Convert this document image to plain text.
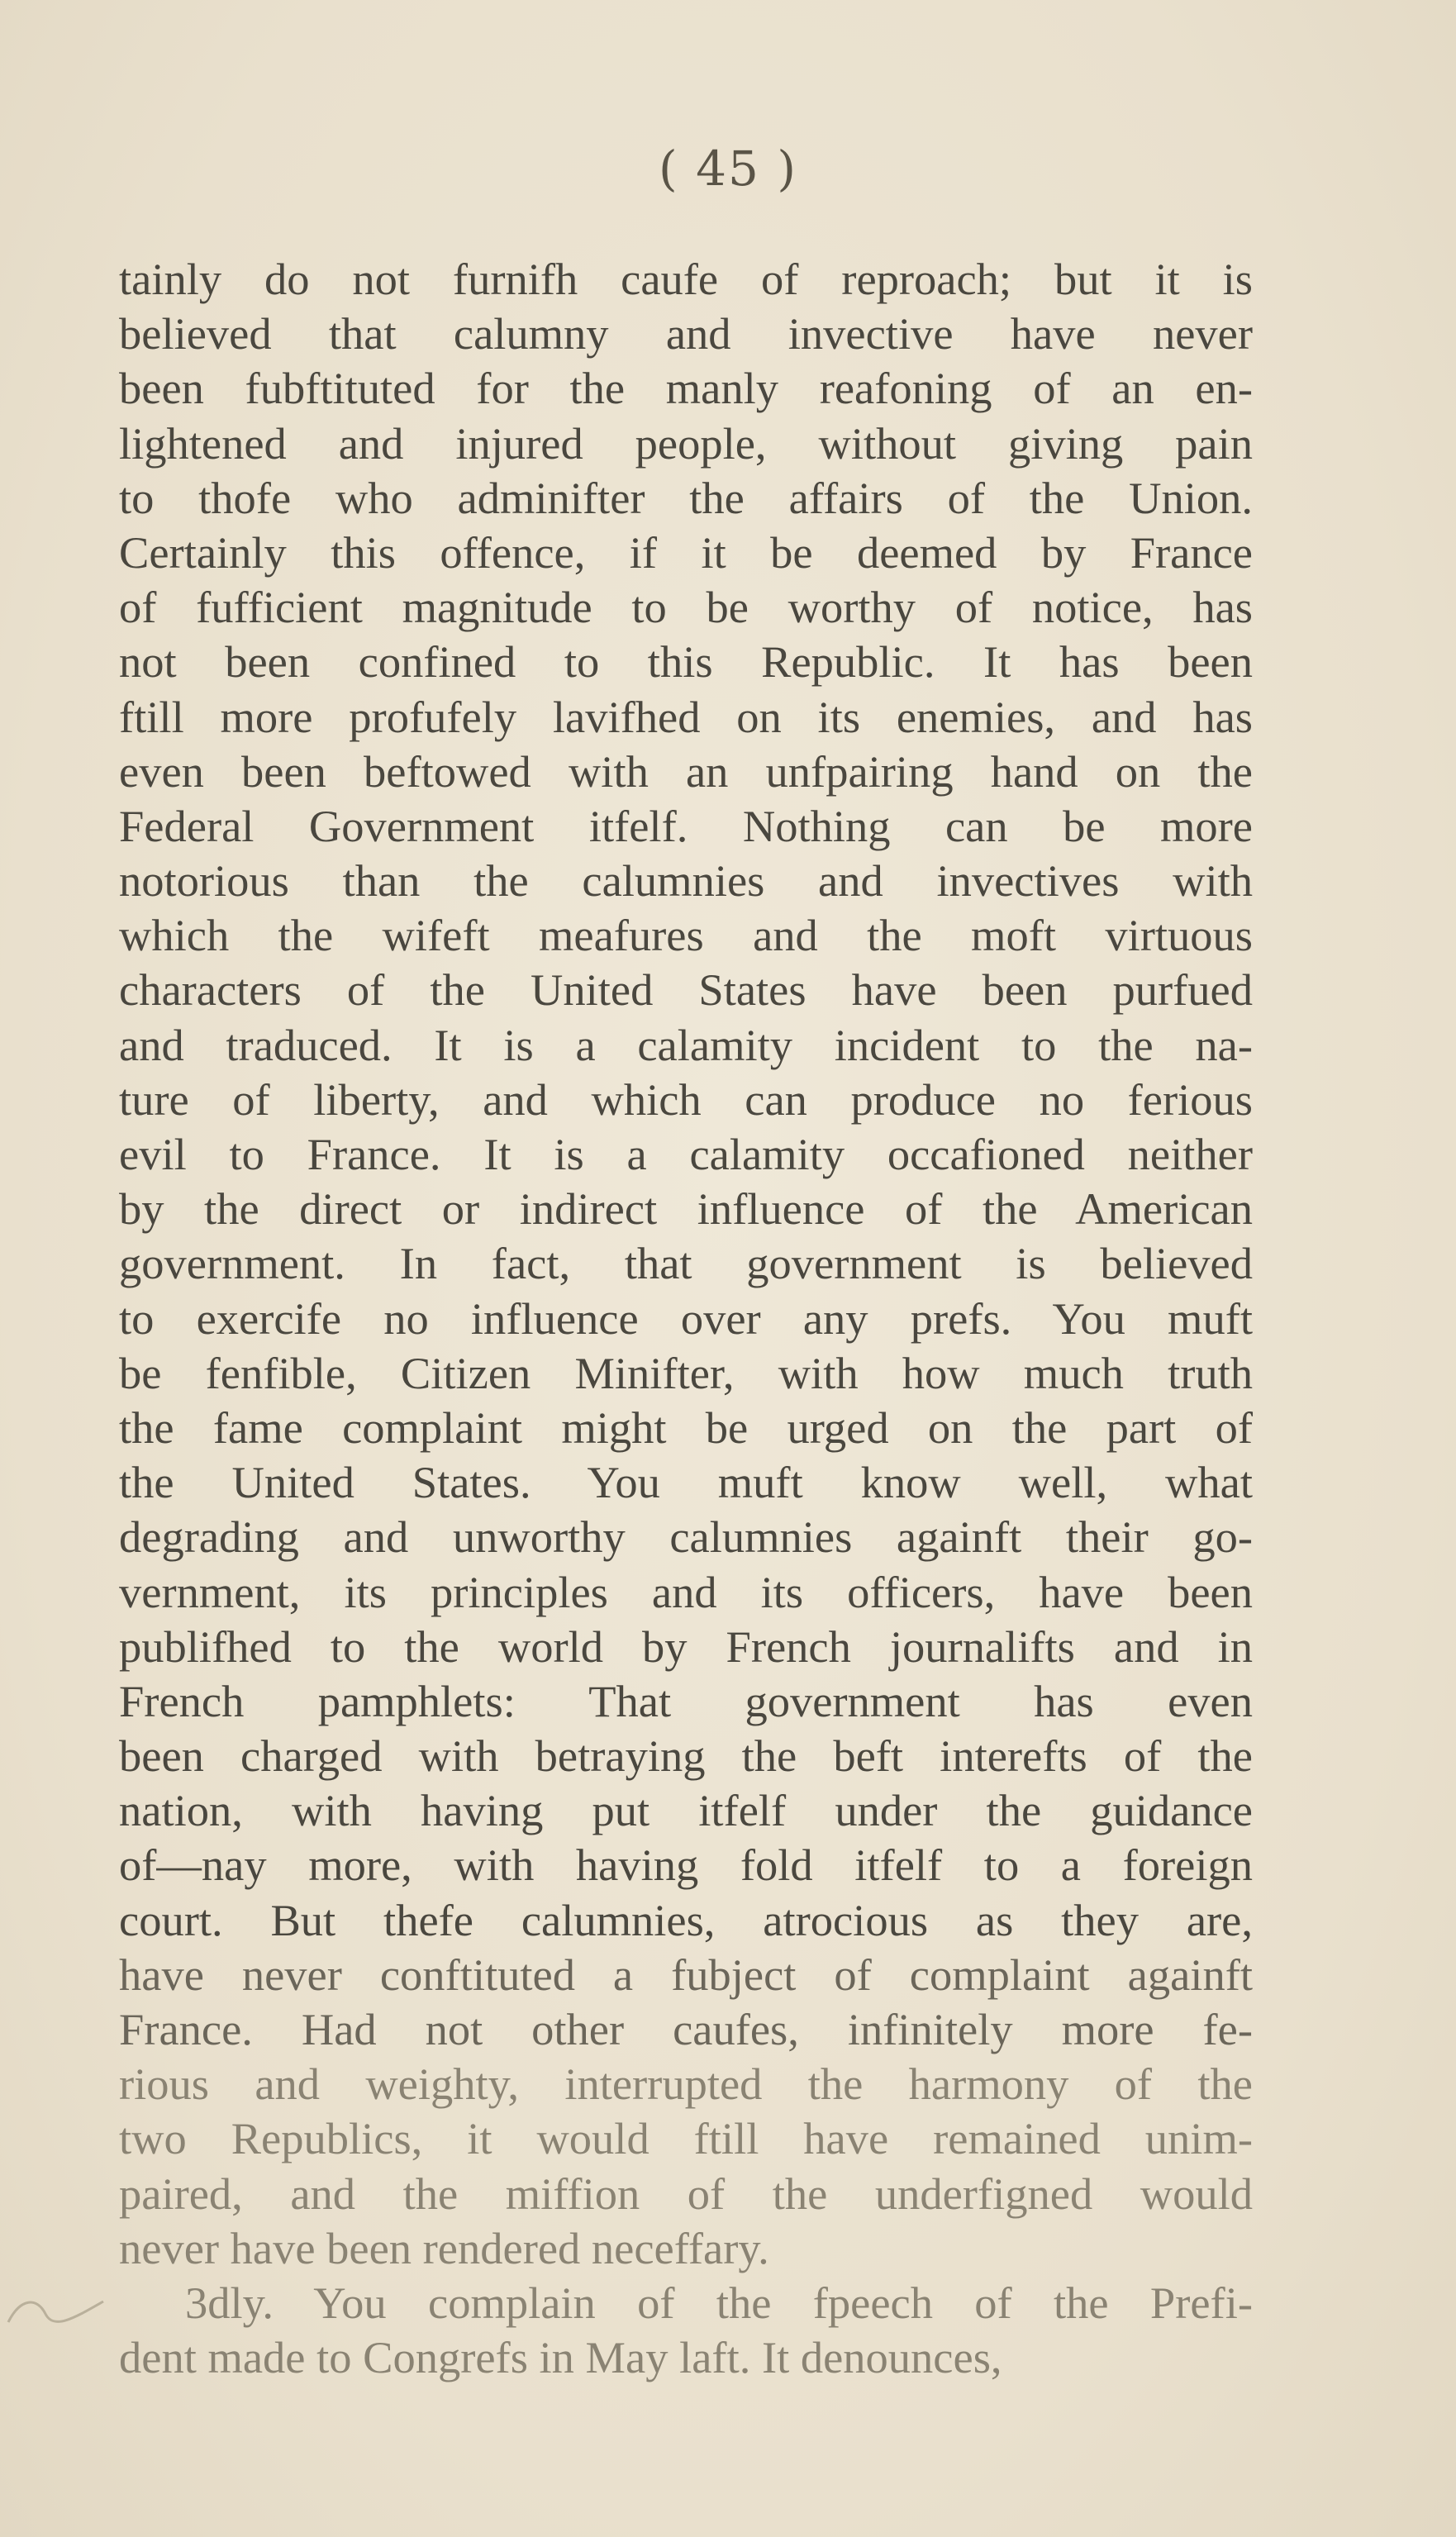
( 45 )
tainly do not furnifh caufe of reproach; but it is
believed that calumny and invective have never
been fubftituted for the manly reafoning of an en-
lightened and injured people, without giving pain
to thofe who adminifter the affairs of the Union.
Certainly this offence, if it be deemed by France
of fufficient magnitude to be worthy of notice, has
not been confined to this Republic. It has been
ftill more profufely lavifhed on its enemies, and has
even been beftowed with an unfpairing hand on the
Federal Government itfelf. Nothing can be more
notorious than the calumnies and invectives with
which the wifeft meafures and the moft virtuous
characters of the United States have been purfued
and traduced. It is a calamity incident to the na-
ture of liberty, and which can produce no ferious
evil to France. It is a calamity occafioned neither
by the direct or indirect influence of the American
government. In fact, that government is believed
to exercife no influence over any prefs. You muft
be fenfible, Citizen Minifter, with how much truth
the fame complaint might be urged on the part of
the United States. You muft know well, what
degrading and unworthy calumnies againft their go-
vernment, its principles and its officers, have been
publifhed to the world by French journalifts and in
French pamphlets: That government has even
been charged with betraying the beft interefts of the
nation, with having put itfelf under the guidance
of—nay more, with having fold itfelf to a foreign
court. But thefe calumnies, atrocious as they are,
have never conftituted a fubject of complaint againft
France. Had not other caufes, infinitely more fe-
rious and weighty, interrupted the harmony of the
two Republics, it would ftill have remained unim-
paired, and the miffion of the underfigned would
never have been rendered neceffary.
3dly. You complain of the fpeech of the Prefi-
dent made to Congrefs in May laft. It denounces,
